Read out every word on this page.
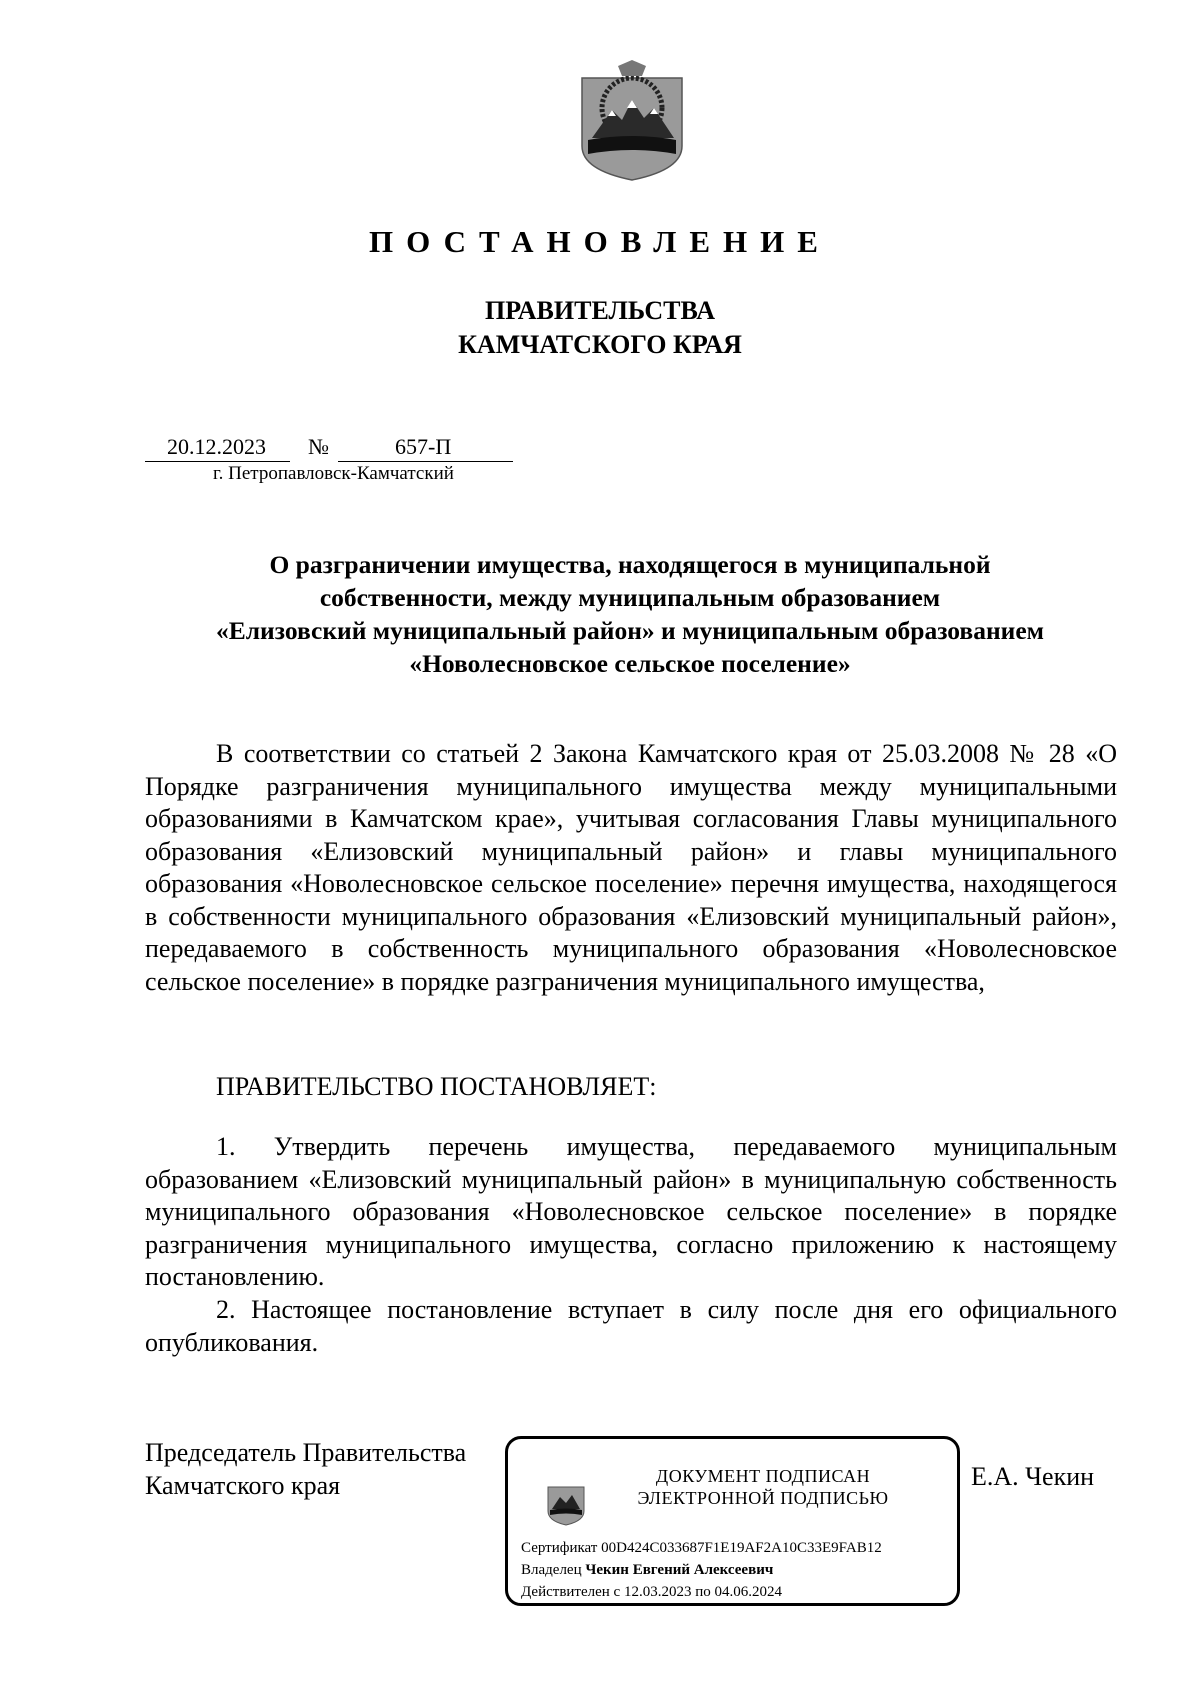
ПОСТАНОВЛЕНИЕ
ПРАВИТЕЛЬСТВА
КАМЧАТСКОГО КРАЯ
20.12.2023 №	657-П
г. Петропавловск-Камчатский
О разграничении имущества, находящегося в муниципальной
собственности, между муниципальным образованием
«Елизовский муниципальный район» и муниципальным образованием
«Новолесновское сельское поселение»
В соответствии со статьей 2 Закона Камчатского края от 25.03.2008 № 28 «О Порядке разграничения муниципального имущества между муниципальными образованиями в Камчатском крае», учитывая согласования Главы муниципального образования «Елизовский муниципальный район» и главы муниципального образования «Новолесновское сельское поселение» перечня имущества, находящегося в собственности муниципального образования «Елизовский муниципальный район», передаваемого в собственность муниципального образования «Новолесновское сельское поселение» в порядке разграничения муниципального имущества,
ПРАВИТЕЛЬСТВО ПОСТАНОВЛЯЕТ:
1. Утвердить перечень имущества, передаваемого муниципальным образованием «Елизовский муниципальный район» в муниципальную собственность муниципального образования «Новолесновское сельское поселение» в порядке разграничения муниципального имущества, согласно приложению к настоящему постановлению.
2. Настоящее постановление вступает в силу после дня его официального опубликования.
Председатель Правительства
Камчатского края	Е.А. Чекин
ДОКУМЕНТ ПОДПИСАН
ЭЛЕКТРОННОЙ ПОДПИСЬЮ
Сертификат 00D424C033687F1E19AF2A10C33E9FAB12
Владелец Чекин Евгений Алексеевич
Действителен с 12.03.2023 по 04.06.2024
